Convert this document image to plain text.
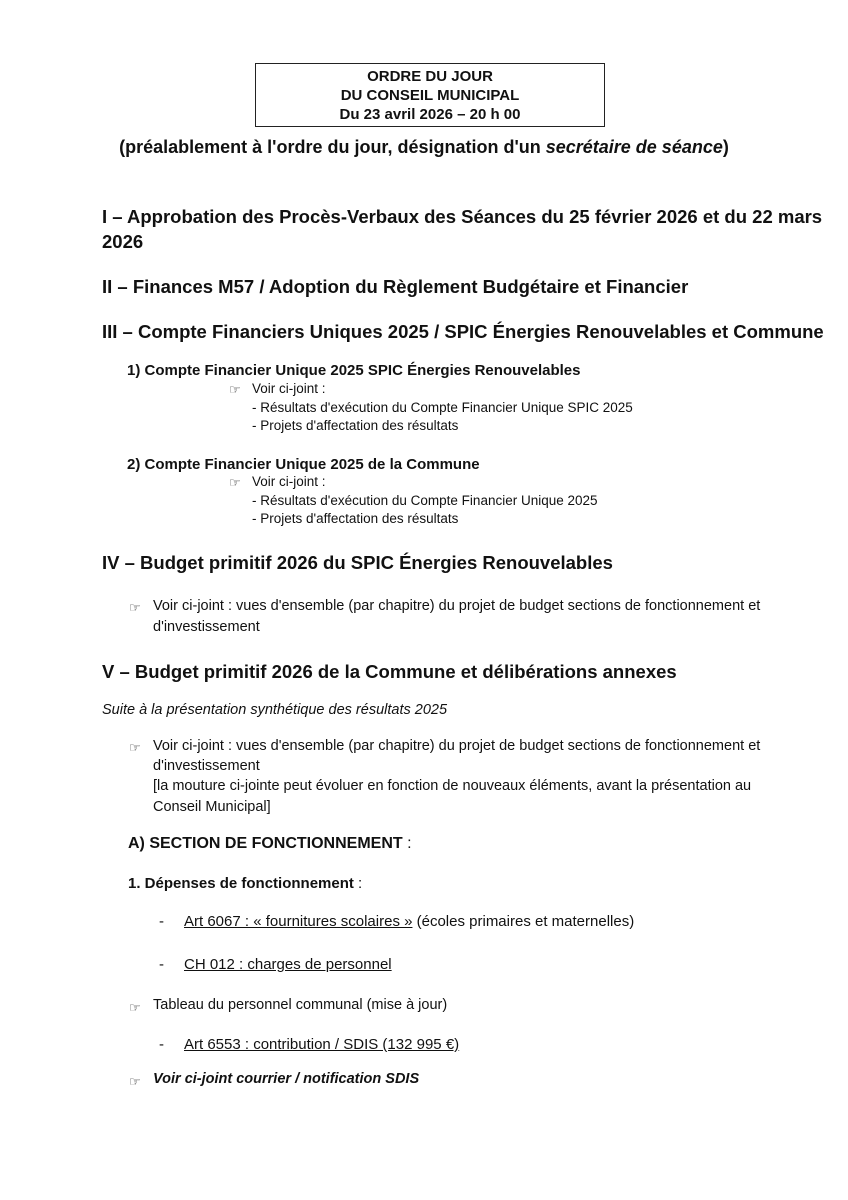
ORDRE DU JOUR
DU CONSEIL MUNICIPAL
Du 23 avril 2026 – 20 h 00
(préalablement à l'ordre du jour, désignation d'un secrétaire de séance)
I – Approbation des Procès-Verbaux des Séances du 25 février 2026 et du 22 mars
2026
II – Finances M57 / Adoption du Règlement Budgétaire et Financier
III – Compte Financiers Uniques 2025 / SPIC Énergies Renouvelables et Commune
1) Compte Financier Unique 2025 SPIC Énergies Renouvelables
☞ Voir ci-joint :
- Résultats d'exécution du Compte Financier Unique SPIC 2025
- Projets d'affectation des résultats
2) Compte Financier Unique 2025 de la Commune
☞ Voir ci-joint :
- Résultats d'exécution du Compte Financier Unique 2025
- Projets d'affectation des résultats
IV – Budget primitif 2026 du SPIC Énergies Renouvelables
☞ Voir ci-joint : vues d'ensemble (par chapitre) du projet de budget sections de fonctionnement et
d'investissement
V – Budget primitif 2026 de la Commune et délibérations annexes
Suite à la présentation synthétique des résultats 2025
☞ Voir ci-joint : vues d'ensemble (par chapitre) du projet de budget sections de fonctionnement et
d'investissement
[la mouture ci-jointe peut évoluer en fonction de nouveaux éléments, avant la présentation au
Conseil Municipal]
A) SECTION DE FONCTIONNEMENT :
1. Dépenses de fonctionnement :
- Art 6067 : « fournitures scolaires » (écoles primaires et maternelles)
- CH 012 : charges de personnel
☞ Tableau du personnel communal (mise à jour)
- Art 6553 : contribution / SDIS (132 995 €)
☞ Voir ci-joint courrier / notification SDIS
